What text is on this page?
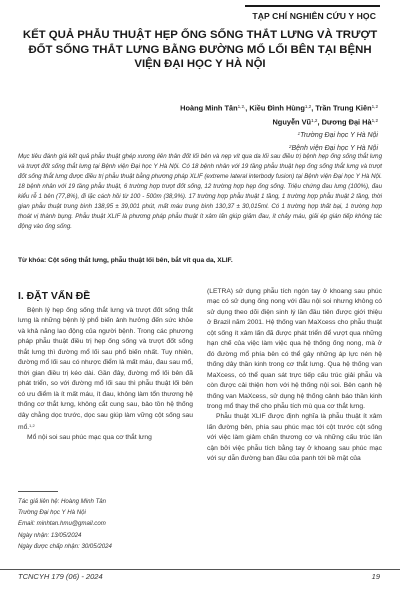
TẠP CHÍ NGHIÊN CỨU Y HỌC
KẾT QUẢ PHẪU THUẬT HẸP ỐNG SỐNG THẮT LƯNG VÀ TRƯỢT ĐỐT SỐNG THẮT LƯNG BẰNG ĐƯỜNG MỔ LỐI BÊN TẠI BỆNH VIỆN ĐẠI HỌC Y HÀ NỘI
Hoàng Minh Tân$^{1,2,}$, Kiều Đình Hùng$^{1,2}$, Trần Trung Kiên$^{1,2}$
Nguyễn Vũ$^{1,2}$, Dương Đại Hà$^{1,2}$
$^1$Trường Đại học Y Hà Nội
$^2$Bệnh viện Đại học Y Hà Nội

Mục tiêu đánh giá kết quả phẫu thuật ghép xương liên thân đốt lối bên và nẹp vít qua da lối sau điều trị bệnh hẹp ống sống thắt lưng và trượt đốt sống thắt lưng tại Bệnh viện Đại học Y Hà Nội. Có 18 bệnh nhân với 19 tầng phẫu thuật hẹp ống sống thắt lưng và trượt đốt sống thắt lưng được điều trị phẫu thuật bằng phương pháp XLIF (extreme lateral interbody fusion) tại Bệnh viện Đại học Y Hà Nội. 18 bệnh nhân với 19 tầng phẫu thuật, 6 trường hợp trượt đốt sống, 12 trường hợp hẹp ống sống. Triệu chứng đau lưng (100%), đau kiểu rễ 1 bên (77,8%), đi lặc cách hồi từ 100 - 500m (38,9%). 17 trường hợp phẫu thuật 1 tầng, 1 trường hợp phẫu thuật 2 tầng, thời gian phẫu thuật trung bình 138,95 ± 39,001 phút, mất máu trung bình 130,37 ± 30,015ml. Có 1 trường hợp thất bại, 1 trường hợp thoát vị thành bụng. Phẫu thuật XLIF là phương pháp phẫu thuật ít xâm lấn giúp giảm đau, ít chảy máu, giải ép gián tiếp không tác động vào ống sống.

Từ khóa: Cột sống thắt lưng, phẫu thuật lối bên, bắt vít qua da, XLIF.

I. ĐẶT VẤN ĐỀ

Bệnh lý hẹp ống sống thắt lưng và trượt đốt sống thắt lưng là những bệnh lý phổ biến ảnh hưởng đến sức khỏe và khả năng lao động của người bệnh. Trong các phương pháp phẫu thuật điều trị hẹp ống sống và trượt đốt sống thắt lưng thì đường mổ lối sau phổ biến nhất. Tuy nhiên, đường mổ lối sau có nhược điểm là mất máu, đau sau mổ, thời gian điều trị kéo dài. Gần đây, đường mổ lối bên đã phát triển, so với đường mổ lối sau thì phẫu thuật lối bên có ưu điểm là ít mất máu, ít đau, không làm tổn thương hệ thống cơ thắt lưng, không cắt cung sau, bảo tồn hệ thống dây chằng dọc trước, dọc sau giúp làm vững cột sống sau mổ.$^{1,2}$

Mổ nội soi sau phúc mạc qua cơ thắt lưng

(LETRA) sử dụng phẫu tích ngón tay ở khoang sau phúc mạc có sử dụng ống nong với đầu nội soi nhưng không có sử dụng theo dõi điện sinh lý lần đầu tiên được giới thiệu ở Brazil năm 2001. Hệ thống van MaXcess cho phẫu thuật cột sống ít xâm lấn đã được phát triển để vượt qua những hạn chế của việc làm việc qua hệ thống ống nong, mà ở đó đường mổ phía bên có thể gây những áp lực nén hệ thống dây thần kinh trong cơ thắt lưng. Qua hệ thống van MaXcess, có thể quan sát trực tiếp cấu trúc giải phẫu và còn được cải thiện hơn với hệ thống nội soi. Bên cạnh hệ thống van MaXcess, sử dụng hệ thống cảnh báo thần kinh trong mổ thay thế cho phẫu tích mù qua cơ thắt lưng.

Phẫu thuật XLIF được định nghĩa là phẫu thuật ít xâm lấn đường bên, phía sau phúc mạc tới cột trước cột sống với việc làm giảm chấn thương cơ và những cấu trúc lân cận bởi việc phẫu tích bằng tay ở khoang sau phúc mạc với sự dẫn đường ban đầu của panh tới bề mặt của

Tác giả liên hệ: Hoàng Minh Tân
Trường Đại học Y Hà Nội
Email: minhtan.hmu@gmail.com
Ngày nhận: 13/05/2024
Ngày được chấp nhận: 30/05/2024
TCNCYH 179 (06) - 2024	19
